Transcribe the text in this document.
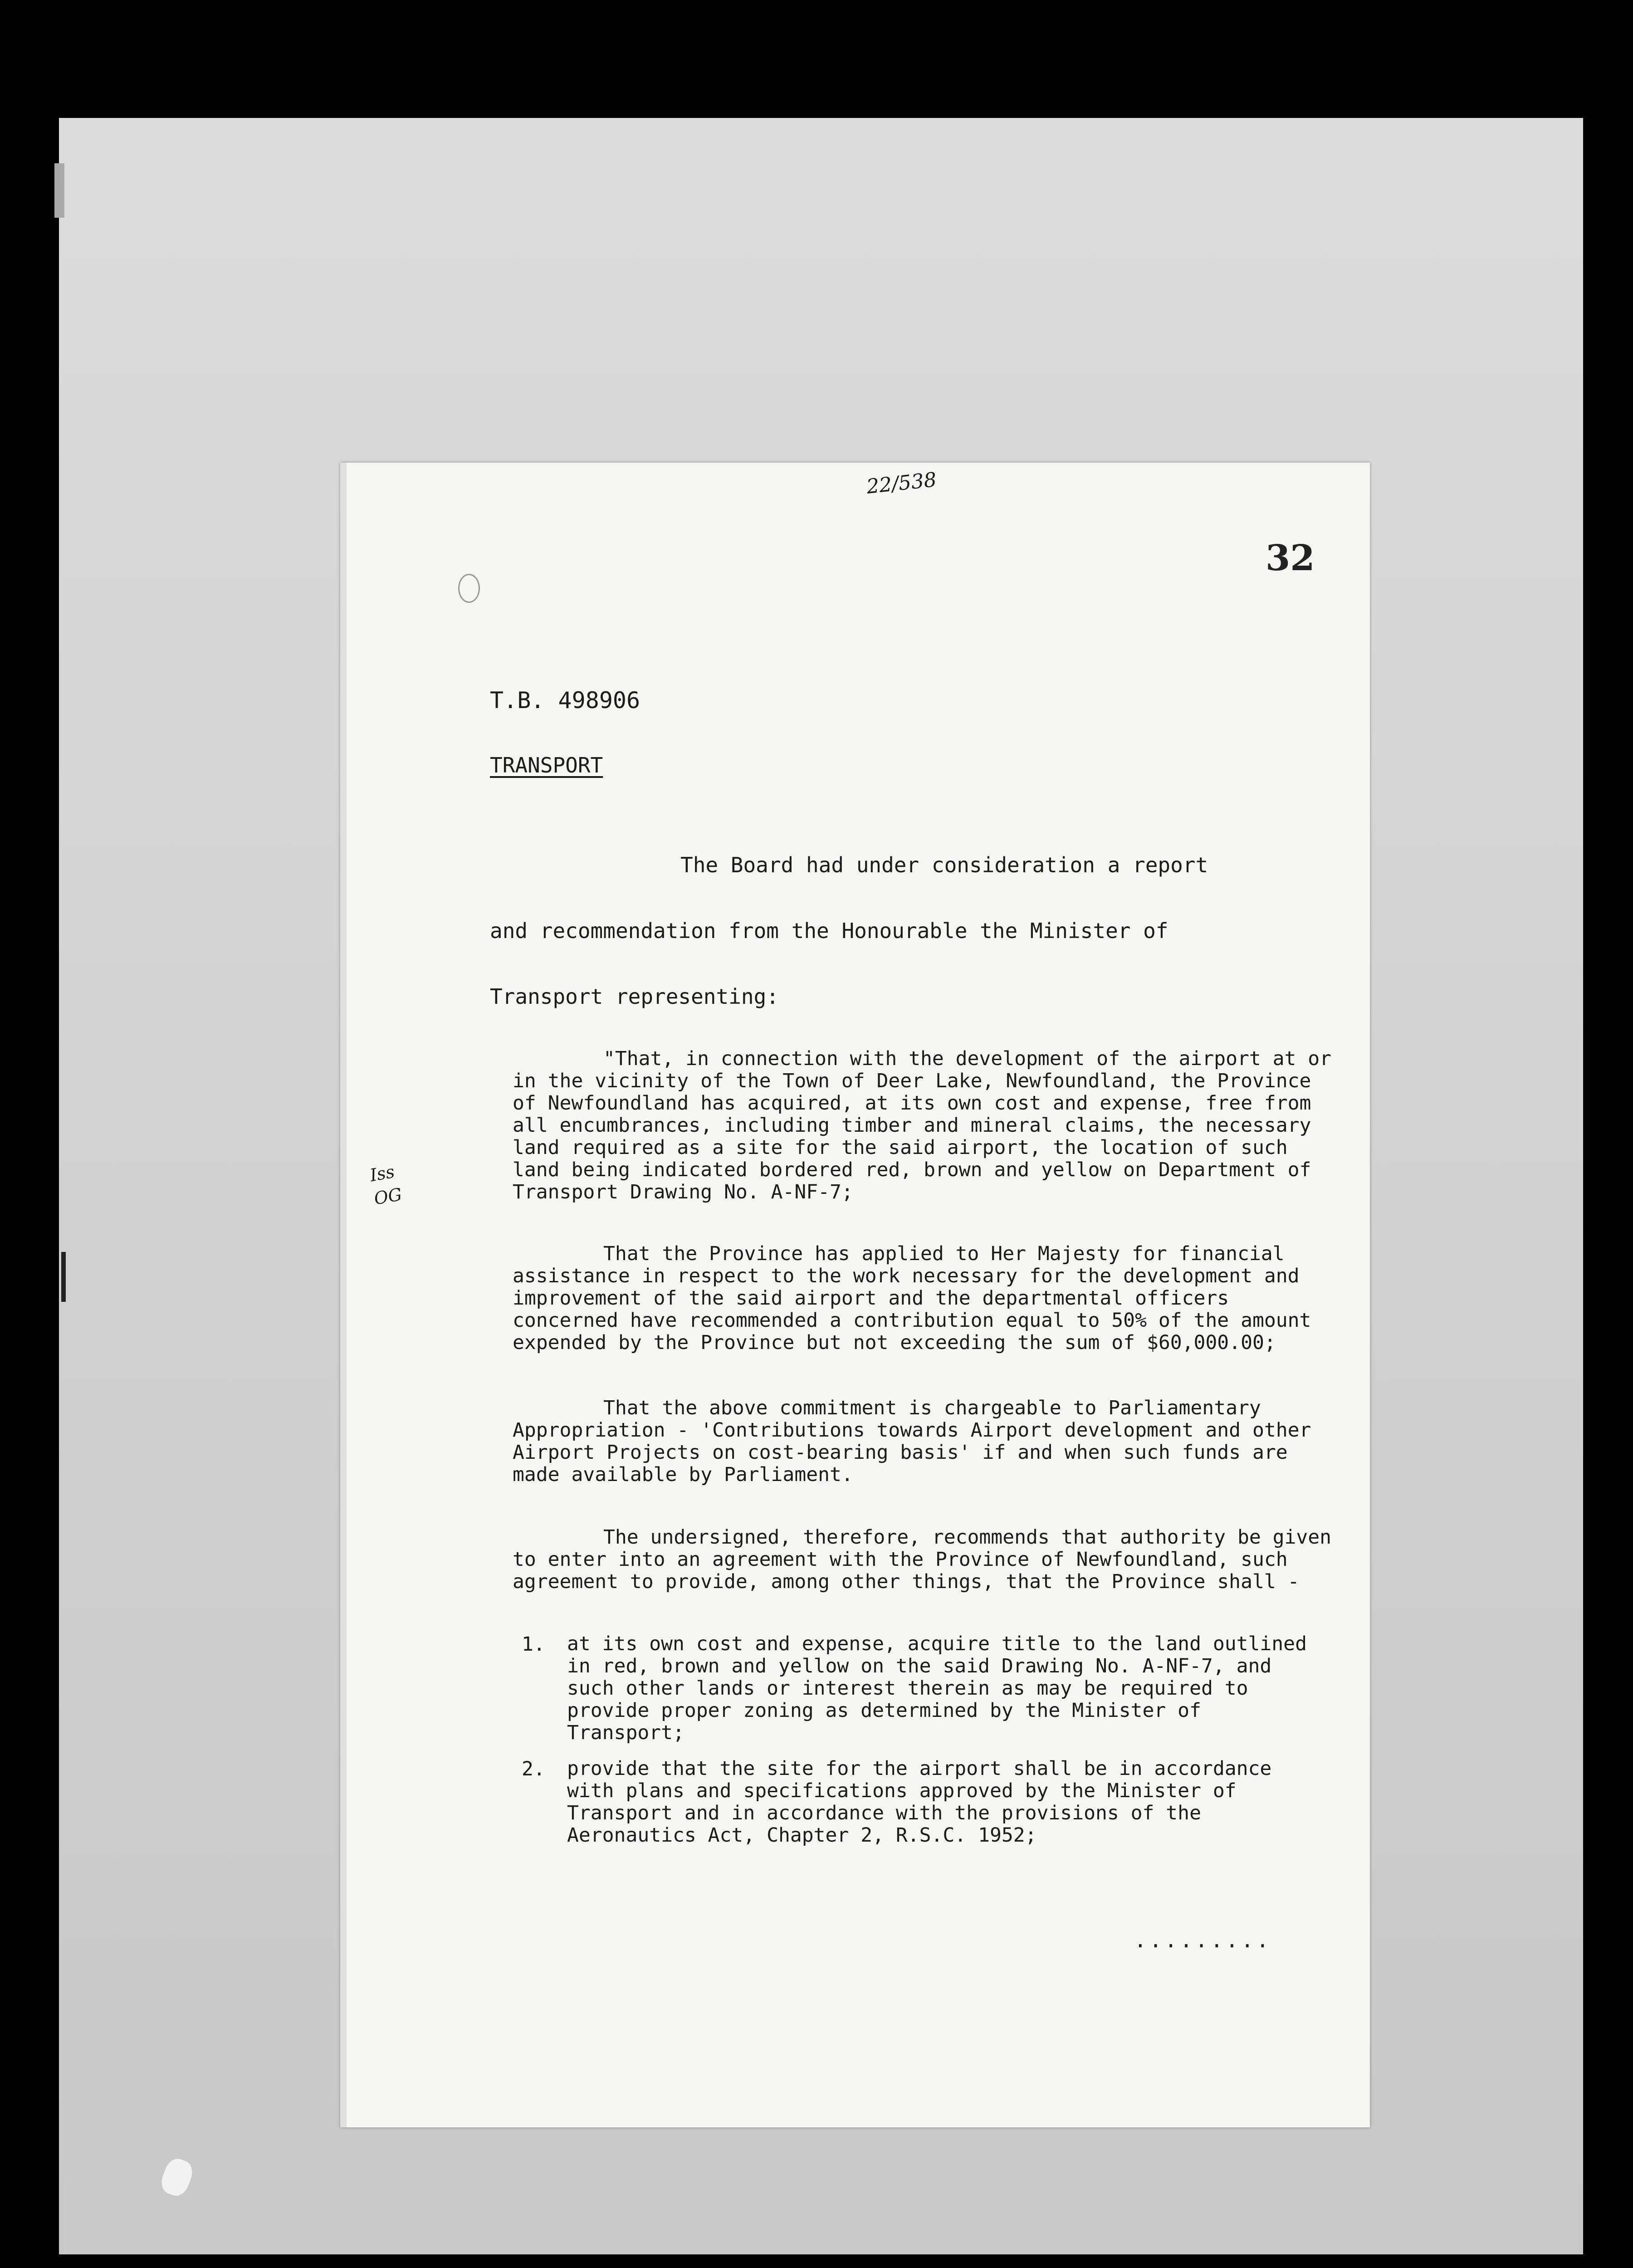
22/538
32
T.B. 498906
TRANSPORT
The Board had under consideration a report
and recommendation from the Honourable the Minister of
Transport representing:
Iss
OG
"That, in connection with the development of the airport at or in the vicinity of the Town of Deer Lake, Newfoundland, the Province of Newfoundland has acquired, at its own cost and expense, free from all encumbrances, including timber and mineral claims, the necessary land required as a site for the said airport, the location of such land being indicated bordered red, brown and yellow on Department of Transport Drawing No. A-NF-7;
That the Province has applied to Her Majesty for financial assistance in respect to the work necessary for the development and improvement of the said airport and the departmental officers concerned have recommended a contribution equal to 50% of the amount expended by the Province but not exceeding the sum of $60,000.00;
That the above commitment is chargeable to Parliamentary Appropriation - 'Contributions towards Airport development and other Airport Projects on cost-bearing basis' if and when such funds are made available by Parliament.
The undersigned, therefore, recommends that authority be given to enter into an agreement with the Province of Newfoundland, such agreement to provide, among other things, that the Province shall -
1. at its own cost and expense, acquire title to the land outlined in red, brown and yellow on the said Drawing No. A-NF-7, and such other lands or interest therein as may be required to provide proper zoning as determined by the Minister of Transport;
2. provide that the site for the airport shall be in accordance with plans and specifications approved by the Minister of Transport and in accordance with the provisions of the Aeronautics Act, Chapter 2, R.S.C. 1952;
.........
